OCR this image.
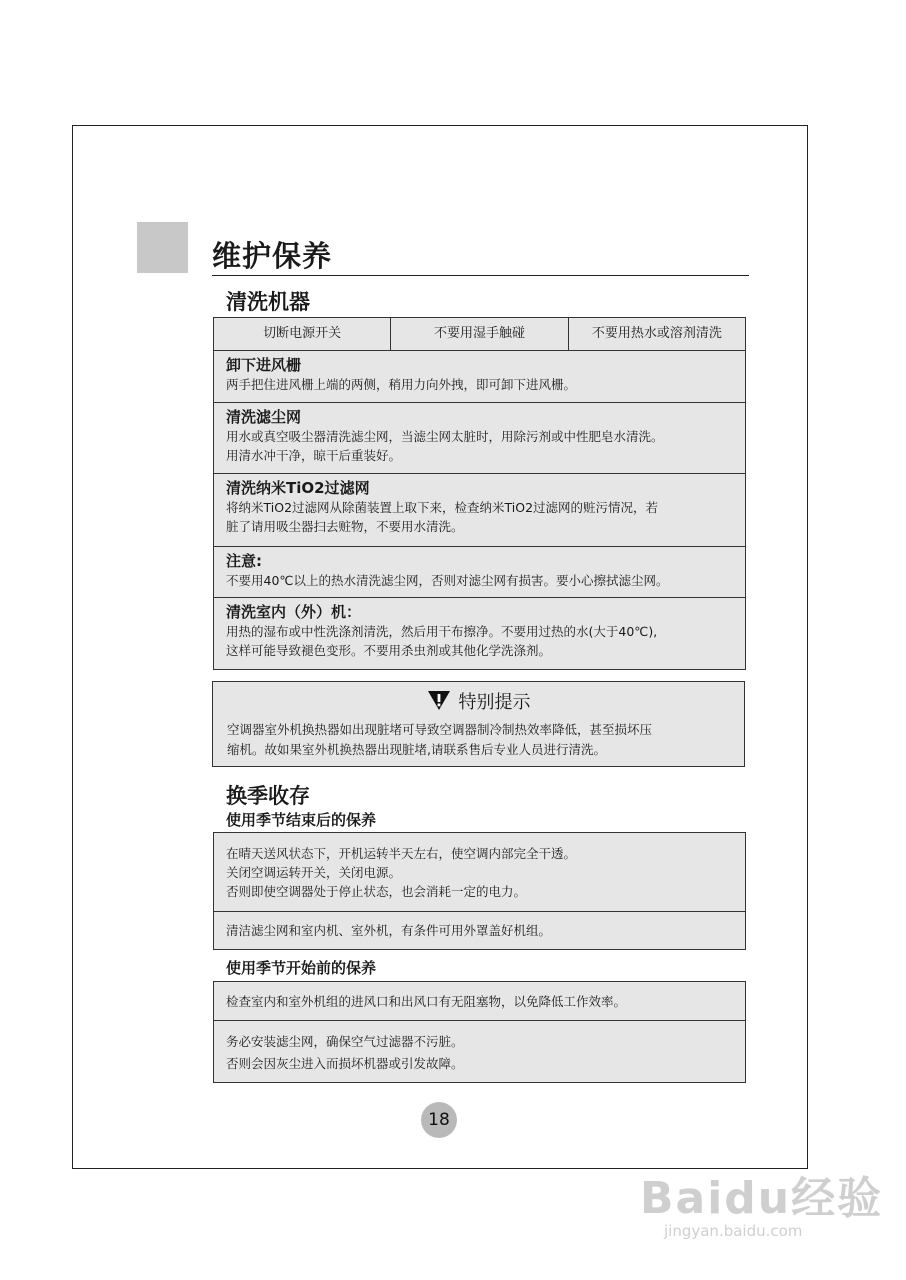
维护保养
清洗机器
切断电源开关	不要用湿手触碰	不要用热水或溶剂清洗
卸下进风栅
两手把住进风栅上端的两侧，稍用力向外拽，即可卸下进风栅。
清洗滤尘网
用水或真空吸尘器清洗滤尘网，当滤尘网太脏时，用除污剂或中性肥皂水清洗。
用清水冲干净，晾干后重装好。
清洗纳米TiO2过滤网
将纳米TiO2过滤网从除菌装置上取下来，检查纳米TiO2过滤网的赃污情况，若
脏了请用吸尘器扫去赃物，不要用水清洗。
注意:
不要用40℃以上的热水清洗滤尘网，否则对滤尘网有损害。要小心擦拭滤尘网。
清洗室内（外）机：
用热的湿布或中性洗涤剂清洗，然后用干布擦净。不要用过热的水(大于40℃),
这样可能导致褪色变形。不要用杀虫剂或其他化学洗涤剂。
特别提示
空调器室外机换热器如出现脏堵可导致空调器制冷制热效率降低，甚至损坏压
缩机。故如果室外机换热器出现脏堵,请联系售后专业人员进行清洗。
换季收存
使用季节结束后的保养
在晴天送风状态下，开机运转半天左右，使空调内部完全干透。
关闭空调运转开关，关闭电源。
否则即使空调器处于停止状态，也会消耗一定的电力。
清洁滤尘网和室内机、室外机，有条件可用外罩盖好机组。
使用季节开始前的保养
检查室内和室外机组的进风口和出风口有无阻塞物，以免降低工作效率。
务必安装滤尘网，确保空气过滤器不污脏。
否则会因灰尘进入而损坏机器或引发故障。
18
Baidu经验
jingyan.baidu.com
